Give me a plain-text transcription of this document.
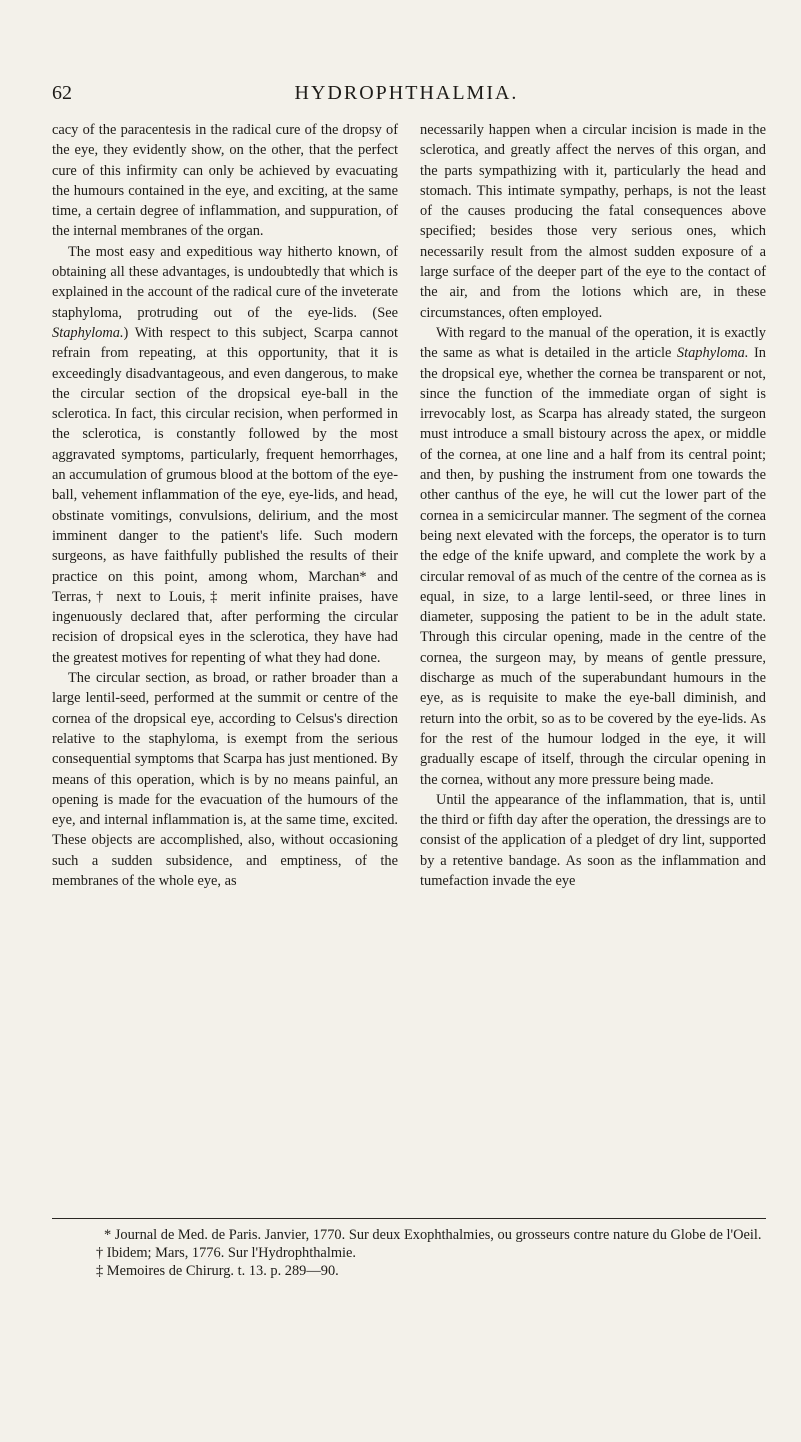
62	HYDROPHTHALMIA.

cacy of the paracentesis in the radical cure of the dropsy of the eye, they evidently show, on the other, that the perfect cure of this infirmity can only be achieved by evacuating the humours contained in the eye, and exciting, at the same time, a certain degree of inflammation, and suppuration, of the internal membranes of the organ.

The most easy and expeditious way hitherto known, of obtaining all these advantages, is undoubtedly that which is explained in the account of the radical cure of the inveterate staphyloma, protruding out of the eye-lids. (See Staphyloma.) With respect to this subject, Scarpa cannot refrain from repeating, at this opportunity, that it is exceedingly disadvantageous, and even dangerous, to make the circular section of the dropsical eye-ball in the sclerotica. In fact, this circular recision, when performed in the sclerotica, is constantly followed by the most aggravated symptoms, particularly, frequent hemorrhages, an accumulation of grumous blood at the bottom of the eye-ball, vehement inflammation of the eye, eye-lids, and head, obstinate vomitings, convulsions, delirium, and the most imminent danger to the patient's life. Such modern surgeons, as have faithfully published the results of their practice on this point, among whom, Marchan* and Terras,† next to Louis,‡ merit infinite praises, have ingenuously declared that, after performing the circular recision of dropsical eyes in the sclerotica, they have had the greatest motives for repenting of what they had done.

The circular section, as broad, or rather broader than a large lentil-seed, performed at the summit or centre of the cornea of the dropsical eye, according to Celsus's direction relative to the staphyloma, is exempt from the serious consequential symptoms that Scarpa has just mentioned. By means of this operation, which is by no means painful, an opening is made for the evacuation of the humours of the eye, and internal inflammation is, at the same time, excited. These objects are accomplished, also, without occasioning such a sudden subsidence, and emptiness, of the membranes of the whole eye, as

necessarily happen when a circular incision is made in the sclerotica, and greatly affect the nerves of this organ, and the parts sympathizing with it, particularly the head and stomach. This intimate sympathy, perhaps, is not the least of the causes producing the fatal consequences above specified; besides those very serious ones, which necessarily result from the almost sudden exposure of a large surface of the deeper part of the eye to the contact of the air, and from the lotions which are, in these circumstances, often employed.

With regard to the manual of the operation, it is exactly the same as what is detailed in the article Staphyloma. In the dropsical eye, whether the cornea be transparent or not, since the function of the immediate organ of sight is irrevocably lost, as Scarpa has already stated, the surgeon must introduce a small bistoury across the apex, or middle of the cornea, at one line and a half from its central point; and then, by pushing the instrument from one towards the other canthus of the eye, he will cut the lower part of the cornea in a semicircular manner. The segment of the cornea being next elevated with the forceps, the operator is to turn the edge of the knife upward, and complete the work by a circular removal of as much of the centre of the cornea as is equal, in size, to a large lentil-seed, or three lines in diameter, supposing the patient to be in the adult state. Through this circular opening, made in the centre of the cornea, the surgeon may, by means of gentle pressure, discharge as much of the superabundant humours in the eye, as is requisite to make the eye-ball diminish, and return into the orbit, so as to be covered by the eye-lids. As for the rest of the humour lodged in the eye, it will gradually escape of itself, through the circular opening in the cornea, without any more pressure being made.

Until the appearance of the inflammation, that is, until the third or fifth day after the operation, the dressings are to consist of the application of a pledget of dry lint, supported by a retentive bandage. As soon as the inflammation and tumefaction invade the eye

* Journal de Med. de Paris. Janvier, 1770. Sur deux Exophthalmies, ou grosseurs contre nature du Globe de l'Oeil.

† Ibidem; Mars, 1776. Sur l'Hydrophthalmie.

‡ Memoires de Chirurg. t. 13. p. 289—90.
